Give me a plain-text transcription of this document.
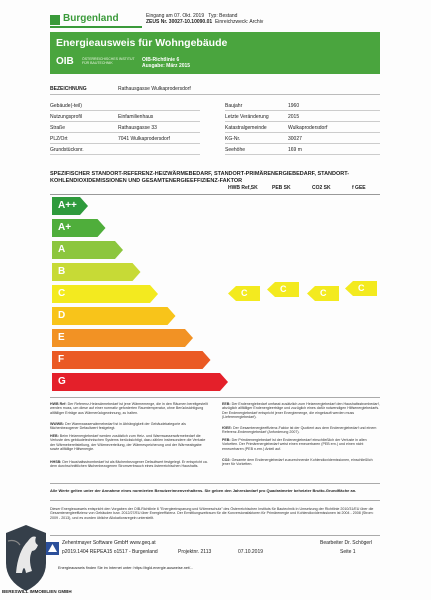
Burgenland	Eingang am 07. Okt. 2019 Typ: Bestand
ZEUS Nr. 30027-10.10090.01 Einreichzweck: Archiv
Energieausweis für Wohngebäude
OIB ÖSTERREICHISCHES INSTITUT FÜR BAUTECHNIK	OIB-Richtlinie 6
Ausgabe: März 2015
BEZEICHNUNG	Rathausgasse Wulkaprodersdorf
Gebäude(-teil)
Nutzungsprofil	Einfamilienhaus
Straße	Rathausgasse 33
PLZ/Ort	7041 Wulkaprodersdorf
Grundstücksnr.
Baujahr	1960
Letzte Veränderung	2015
Katastralgemeinde	Wulkaprodersdorf
KG-Nr.	30027
Seehöhe	169 m
SPEZIFISCHER STANDORT-REFERENZ-HEIZWÄRMEBEDARF, STANDORT-PRIMÄRENERGIEBEDARF, STANDORT-KOHLENDIOXIDEMISSIONEN UND GESAMTENERGIEEFFIZIENZ-FAKTOR
HWB Ref,SK	PEB SK	CO2 SK	f GEE
A++
A+
A
B
C
D
E
F
G
C	C	C	C
HWB Ref: Der Referenz-Heizwärmebedarf ist jene Wärmemenge, die in den Räumen bereitgestellt werden muss, um diese auf einer normativ geforderten Raumtemperatur, ohne Berücksichtigung allfälliger Erträge aus Wärmerückgewinnung, zu halten.
WWWB: Der Warmwasserwärmebedarf ist in Abhängigkeit der Gebäudekategorie als flächenbezogener Defaultwert festgelegt.
HEB: Beim Heizenergiebedarf werden zusätzlich zum Heiz- und Warmwasserwärmebedarf die Verluste des gebäudetechnischen Systems berücksichtigt, dazu zählen insbesondere die Verluste der Wärmebereitstellung, der Wärmeverteilung, der Wärmespeicherung und der Wärmeabgabe sowie allfällige Hilfsenergie.
HHSB: Der Haushaltsstrombedarf ist als flächenbezogener Defaultwert festgelegt. Er entspricht ca. dem durchschnittlichen flächenbezogenen Stromverbrauch eines österreichischen Haushalts.
EEB: Der Endenergiebedarf umfasst zusätzlich zum Heizenergiebedarf den Haushaltsstrombedarf, abzüglich allfälliger Endenergieerträge und zuzüglich eines dafür notwendigen Hilfsenergiebedarfs. Der Endenergiebedarf entspricht jener Energiemenge, die eingekauft werden muss (Lieferenergiebedarf).
fGEE: Der Gesamtenergieeffizienz-Faktor ist der Quotient aus dem Endenergiebedarf und einem Referenz-Endenergiebedarf (Anforderung 2007).
PEB: Der Primärenergiebedarf ist der Endenergiebedarf einschließlich der Verluste in allen Vorketten. Der Primärenergiebedarf weist einen erneuerbaren (PEB ern.) und einen nicht erneuerbaren (PEB n.ern.) Anteil auf.
CO2: Gesamte dem Endenergiebedarf zuzurechnende Kohlendioxidemissionen, einschließlich jener für Vorketten.
Alle Werte gelten unter der Annahme eines normierten Benutzerinnenverhaltens. Sie geben den Jahresbedarf pro Quadratmeter beheizter Brutto-Grundfläche an.
Dieser Energieausweis entspricht den Vorgaben der OIB-Richtlinie 6 "Energieeinsparung und Wärmeschutz" des Österreichischen Instituts für Bautechnik in Umsetzung der Richtlinie 2010/31/EU über die Gesamtenergieeffizienz von Gebäuden bzw. 2012/27/EU über Energieeffizienz. Der Ermittlungszeitraum für die Konversionsfaktoren für Primärenergie und Kohlendioxidemissionen ist 2004 - 2008 (Strom: 2009 - 2013), und es wurden übliche Allokationsregeln unterstellt.
Zehentmayer Software GmbH www.geq.at
p2019.1404 REPEA15 o1517 - Burgenland	Projektnr. 2113	07.10.2019
Bearbeiter Dr. Schögerl
Seite 1
Energieausweis finden Sie im Internet unter: https://bgld.energie.ausweise.net/...
BERESWILL IMMOBILIEN GMBH
